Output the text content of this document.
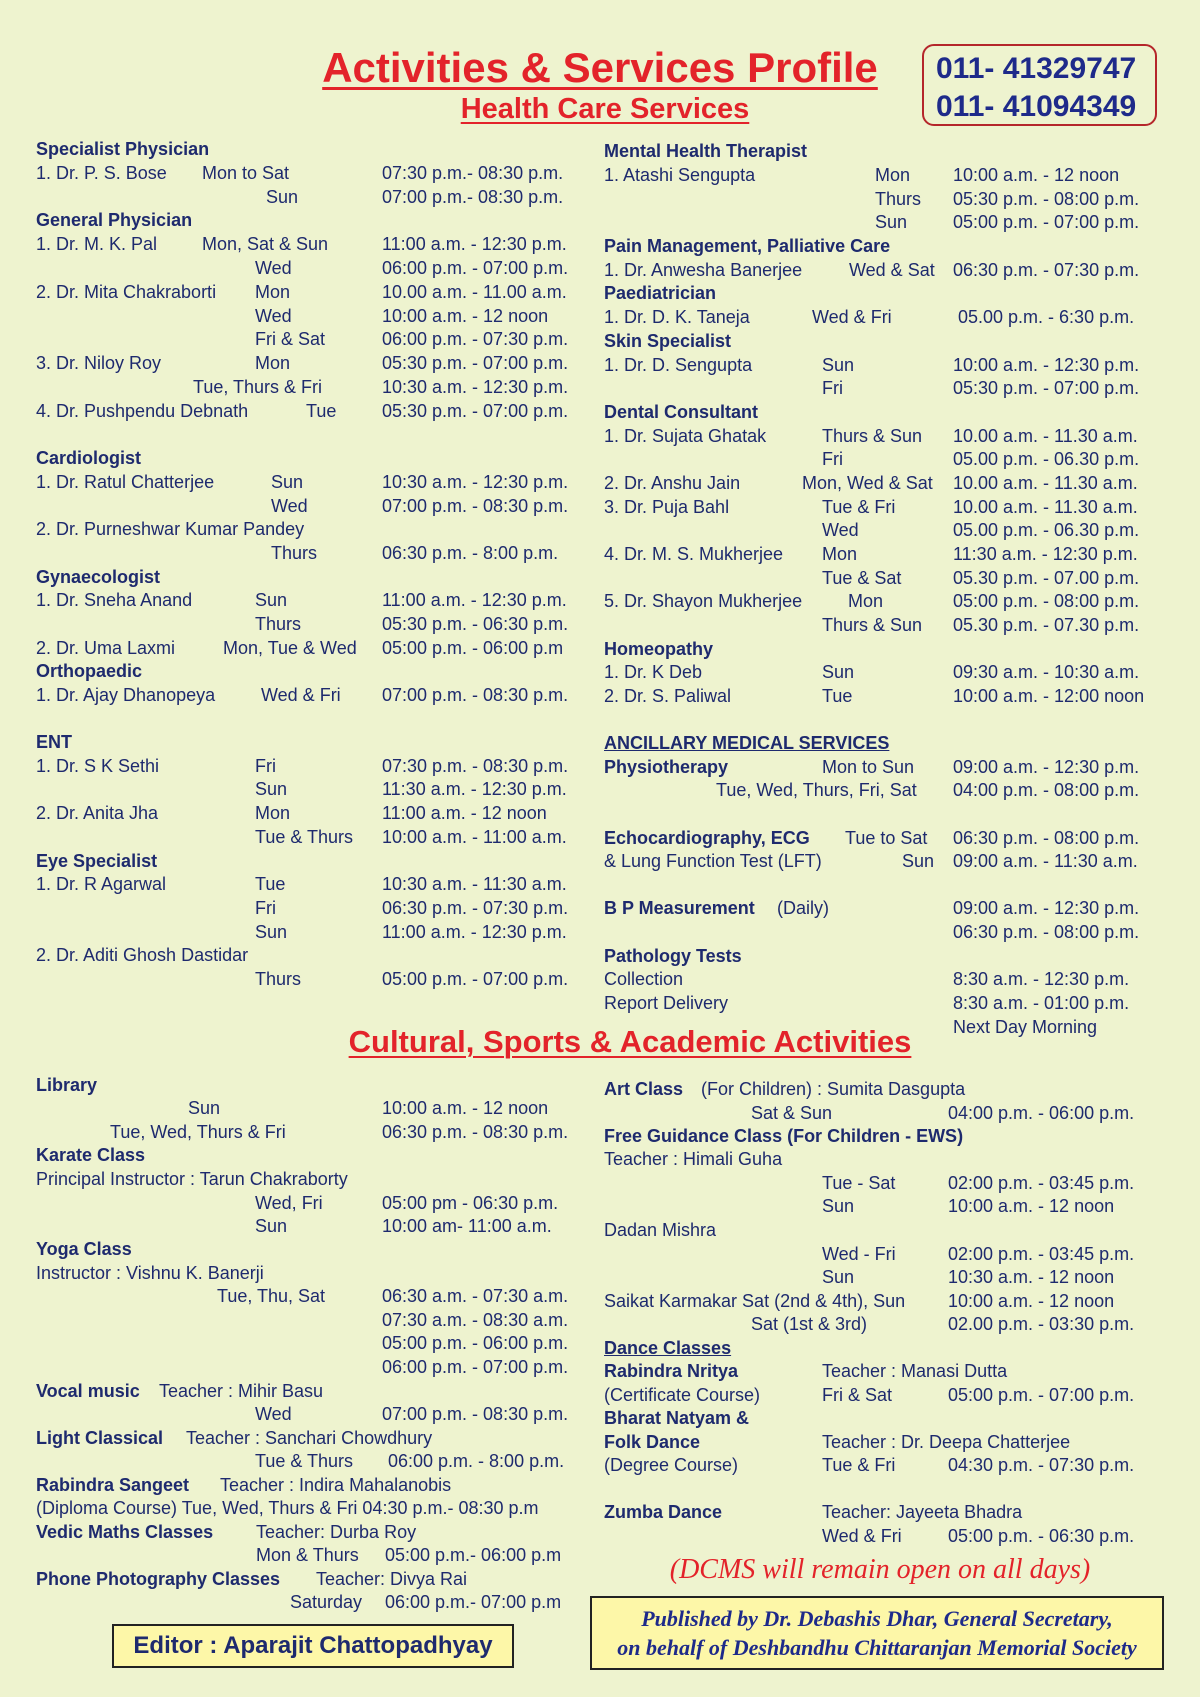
Activities & Services Profile
Health Care Services
011- 41329747
011- 41094349
Specialist Physician
1. Dr. P. S. Bose Mon to Sat	07:30 p.m.- 08:30 p.m.
Sun	07:00 p.m.- 08:30 p.m.
General Physician
1. Dr. M. K. Pal Mon, Sat & Sun	11:00 a.m. - 12:30 p.m.
Wed	06:00 p.m. - 07:00 p.m.
2. Dr. Mita Chakraborti Mon	10.00 a.m. - 11.00 a.m.
Wed	10:00 a.m. - 12 noon
Fri & Sat	06:00 p.m. - 07:30 p.m.
3. Dr. Niloy Roy	Mon	05:30 p.m. - 07:00 p.m.
Tue, Thurs & Fri	10:30 a.m. - 12:30 p.m.
4. Dr. Pushpendu Debnath	Tue	05:30 p.m. - 07:00 p.m.
Cardiologist
1. Dr. Ratul Chatterjee	Sun	10:30 a.m. - 12:30 p.m.
Wed	07:00 p.m. - 08:30 p.m.
2. Dr. Purneshwar Kumar Pandey
Thurs	06:30 p.m. - 8:00 p.m.
Gynaecologist
1. Dr. Sneha Anand	Sun	11:00 a.m. - 12:30 p.m.
Thurs	05:30 p.m. - 06:30 p.m.
2. Dr. Uma Laxmi	Mon, Tue & Wed 05:00 p.m. - 06:00 p.m
Orthopaedic
1. Dr. Ajay Dhanopeya	Wed & Fri 07:00 p.m. - 08:30 p.m.
ENT
1. Dr. S K Sethi	Fri	07:30 p.m. - 08:30 p.m.
Sun	11:30 a.m. - 12:30 p.m.
2. Dr. Anita Jha	Mon	11:00 a.m. - 12 noon
Tue & Thurs 10:00 a.m. - 11:00 a.m.
Eye Specialist
1. Dr. R Agarwal	Tue	10:30 a.m. - 11:30 a.m.
Fri	06:30 p.m. - 07:30 p.m.
Sun	11:00 a.m. - 12:30 p.m.
2. Dr. Aditi Ghosh Dastidar
Thurs	05:00 p.m. - 07:00 p.m.
Mental Health Therapist
1. Atashi Sengupta	Mon 10:00 a.m. - 12 noon
Thurs 05:30 p.m. - 08:00 p.m.
Sun	05:00 p.m. - 07:00 p.m.
Pain Management, Palliative Care
1. Dr. Anwesha Banerjee	Wed & Sat 06:30 p.m. - 07:30 p.m.
Paediatrician
1. Dr. D. K. Taneja	Wed & Fri	05.00 p.m. - 6:30 p.m.
Skin Specialist
1. Dr. D. Sengupta	Sun	10:00 a.m. - 12:30 p.m.
Fri	05:30 p.m. - 07:00 p.m.
Dental Consultant
1. Dr. Sujata Ghatak	Thurs & Sun 10.00 a.m. - 11.30 a.m.
Fri	05.00 p.m. - 06.30 p.m.
2. Dr. Anshu Jain	Mon, Wed & Sat 10.00 a.m. - 11.30 a.m.
3. Dr. Puja Bahl	Tue & Fri	10.00 a.m. - 11.30 a.m.
Wed	05.00 p.m. - 06.30 p.m.
4. Dr. M. S. Mukherjee Mon	11:30 a.m. - 12:30 p.m.
Tue & Sat	05.30 p.m. - 07.00 p.m.
5. Dr. Shayon Mukherjee	Mon	05:00 p.m. - 08:00 p.m.
Thurs & Sun 05.30 p.m. - 07.30 p.m.
Homeopathy
1. Dr. K Deb	Sun	09:30 a.m. - 10:30 a.m.
2. Dr. S. Paliwal	Tue	10:00 a.m. - 12:00 noon
ANCILLARY MEDICAL SERVICES
Physiotherapy	Mon to Sun 09:00 a.m. - 12:30 p.m.
Tue, Wed, Thurs, Fri, Sat 04:00 p.m. - 08:00 p.m.
Echocardiography, ECG Tue to Sat 06:30 p.m. - 08:00 p.m.
& Lung Function Test (LFT)	Sun 09:00 a.m. - 11:30 a.m.
B P Measurement (Daily)	09:00 a.m. - 12:30 p.m.
06:30 p.m. - 08:00 p.m.
Pathology Tests
Collection	8:30 a.m. - 12:30 p.m.
Report Delivery	8:30 a.m. - 01:00 p.m.
Next Day Morning
Library
Sun	10:00 a.m. - 12 noon
Tue, Wed, Thurs & Fri	06:30 p.m. - 08:30 p.m.
Karate Class
Principal Instructor : Tarun Chakraborty
Wed, Fri	05:00 pm - 06:30 p.m.
Sun	10:00 am- 11:00 a.m.
Yoga Class
Instructor : Vishnu K. Banerji
Tue, Thu, Sat	06:30 a.m. - 07:30 a.m.
07:30 a.m. - 08:30 a.m.
05:00 p.m. - 06:00 p.m.
06:00 p.m. - 07:00 p.m.
Vocal music Teacher : Mihir Basu
Wed	07:00 p.m. - 08:30 p.m.
Light Classical Teacher : Sanchari Chowdhury
Tue & Thurs 06:00 p.m. - 8:00 p.m.
Rabindra Sangeet Teacher : Indira Mahalanobis
(Diploma Course) Tue, Wed, Thurs & Fri 04:30 p.m.- 08:30 p.m
Vedic Maths Classes Teacher: Durba Roy
Mon & Thurs 05:00 p.m.- 06:00 p.m
Phone Photography Classes Teacher: Divya Rai
Saturday 06:00 p.m.- 07:00 p.m
Art Class (For Children) : Sumita Dasgupta
Sat & Sun	04:00 p.m. - 06:00 p.m.
Free Guidance Class (For Children - EWS)
Teacher : Himali Guha
Tue - Sat	02:00 p.m. - 03:45 p.m.
Sun	10:00 a.m. - 12 noon
Dadan Mishra
Wed - Fri	02:00 p.m. - 03:45 p.m.
Sun	10:30 a.m. - 12 noon
Saikat Karmakar Sat (2nd & 4th), Sun 10:00 a.m. - 12 noon
Sat (1st & 3rd)	02.00 p.m. - 03:30 p.m.
Dance Classes
Rabindra Nritya	Teacher : Manasi Dutta
(Certificate Course)	Fri & Sat	05:00 p.m. - 07:00 p.m.
Bharat Natyam &
Folk Dance	Teacher : Dr. Deepa Chatterjee
(Degree Course)	Tue & Fri	04:30 p.m. - 07:30 p.m.
Zumba Dance	Teacher: Jayeeta Bhadra
Wed & Fri	05:00 p.m. - 06:30 p.m.
Cultural, Sports & Academic Activities
(DCMS will remain open on all days)
Editor : Aparajit Chattopadhyay
Published by Dr. Debashis Dhar, General Secretary,
on behalf of Deshbandhu Chittaranjan Memorial Society
